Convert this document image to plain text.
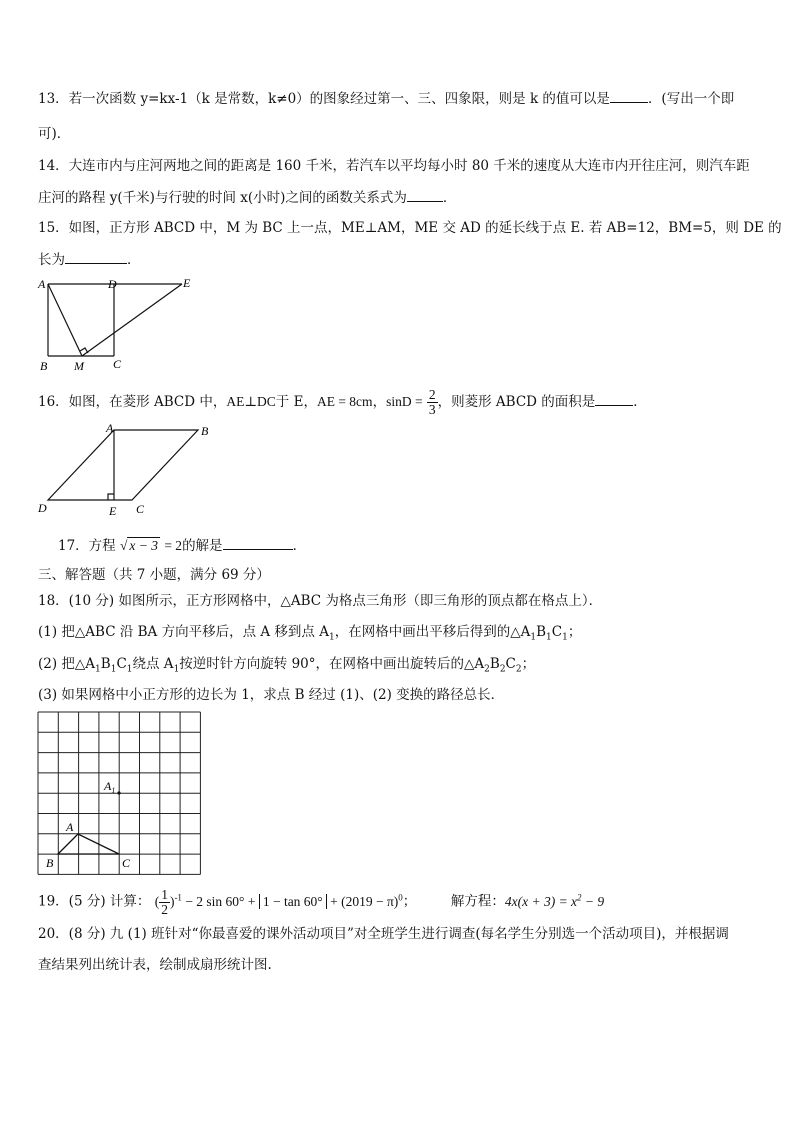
13．若一次函数 y=kx-1（k 是常数，k≠0）的图象经过第一、三、四象限，则是 k 的值可以是	．(写出一个即
可)．
14．大连市内与庄河两地之间的距离是 160 千米，若汽车以平均每小时 80 千米的速度从大连市内开往庄河，则汽车距
庄河的路程 y(千米)与行驶的时间 x(小时)之间的函数关系式为	．
15．如图，正方形 ABCD 中，M 为 BC 上一点，ME⊥AM，ME 交 AD 的延长线于点 E. 若 AB=12，BM=5，则 DE 的
长为	．
A	D	E
B M C
16．如图，在菱形 ABCD 中，AE⊥DC于 E，AE = 8cm，$\sin D = \frac{2}{3}$ ，则菱形 ABCD 的面积是	．
A	B
D	E C
17．方程 √ x − 3 = 2的解是	．
三、解答题（共 7 小题，满分 69 分）
18．(10 分) 如图所示，正方形网格中，△ABC 为格点三角形（即三角形的顶点都在格点上）．
(1) 把△ABC 沿 BA 方向平移后，点 A 移到点 $A_1$，在网格中画出平移后得到的$\triangle A_1B_1C_1$；
(2) 把$\triangle A_1B_1C_1$绕点 $A_1$按逆时针方向旋转 90°，在网格中画出旋转后的$\triangle A_2B_2C_2$；
(3) 如果网格中小正方形的边长为 1，求点 B 经过 (1)、(2) 变换的路径总长．
$A_1$
A
B	C
19．(5 分) 计算： ( $\frac{1}{2} )^{-1} - 2$ $\sin 60^\circ + 1 - \tan 60^\circ + (2019 - \pi)^0$；	解方程：$4x(x + 3) = x^2 - 9$
20．(8 分) 九 (1) 班针对“你最喜爱的课外活动项目”对全班学生进行调查(每名学生分别选一个活动项目)，并根据调
查结果列出统计表，绘制成扇形统计图.
